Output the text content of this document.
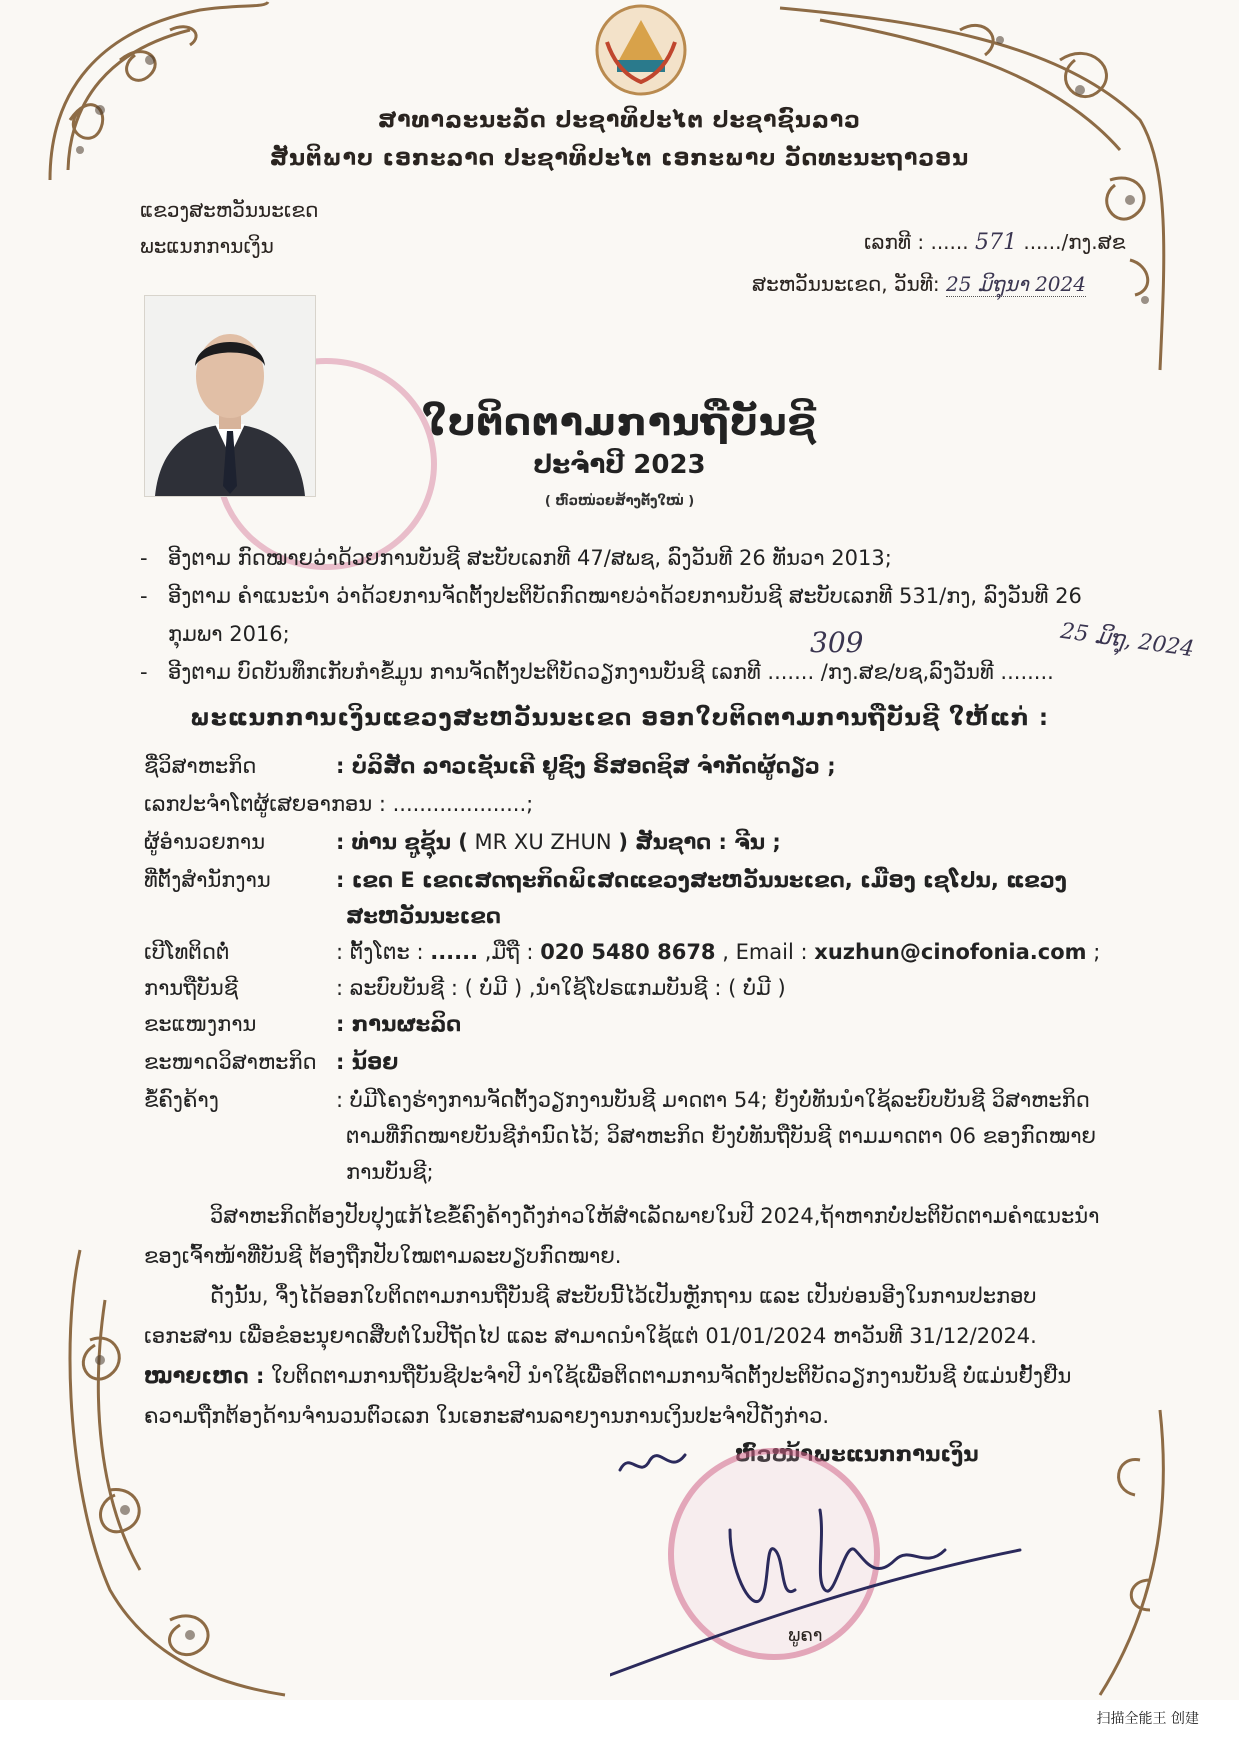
ສາທາລະນະລັດ ປະຊາທິປະໄຕ ປະຊາຊົນລາວ
ສັນຕິພາບ ເອກະລາດ ປະຊາທິປະໄຕ ເອກະພາບ ວັດທະນະຖາວອນ
ແຂວງສະຫວັນນະເຂດ
ພະແນກການເງິນ	ເລກທີ : ...... 571 ....../ກງ.ສຂ
ສະຫວັນນະເຂດ, ວັນທີ: 25 ມິຖຸນາ 2024
ໃບຕິດຕາມການຖືບັນຊີ
ປະຈໍາປີ 2023
( ຫົວໜ່ວຍສ້າງຕັ້ງໃໝ່ )
- ອີງຕາມ ກົດໝາຍວ່າດ້ວຍການບັນຊີ ສະບັບເລກທີ 47/ສພຊ, ລົງວັນທີ 26 ທັນວາ 2013;
- ອີງຕາມ ຄໍາແນະນໍາ ວ່າດ້ວຍການຈັດຕັ້ງປະຕິບັດກົດໝາຍວ່າດ້ວຍການບັນຊີ ສະບັບເລກທີ 531/ກງ, ລົງວັນທີ 26
ກຸມພາ 2016;
- ອີງຕາມ ບົດບັນທຶກເກັບກໍາຂໍ້ມູນ ການຈັດຕັ້ງປະຕິບັດວຽກງານບັນຊີ ເລກທີ ....... /ກງ.ສຂ/ບຊ,ລົງວັນທີ ........
309	25 ມິຖຸ, 2024
ພະແນກການເງິນແຂວງສະຫວັນນະເຂດ ອອກໃບຕິດຕາມການຖືບັນຊີ ໃຫ້ແກ່ :
ຊື່ວິສາຫະກິດ	: ບໍລິສັດ ລາວເຊັນເຄີ ຢູຊົງ ຣິສອດຊິສ ຈໍາກັດຜູ້ດຽວ ;
ເລກປະຈໍາໂຕຜູ້ເສຍອາກອນ : ....................;
ຜູ້ອໍານວຍການ	: ທ່ານ ຊູຊຸ້ນ ( MR XU ZHUN ) ສັນຊາດ : ຈີນ ;
ທີ່ຕັ້ງສໍານັກງານ	: ເຂດ E ເຂດເສດຖະກິດພິເສດແຂວງສະຫວັນນະເຂດ, ເມືອງ ເຊໂປນ, ແຂວງ
ສະຫວັນນະເຂດ
ເບີໂທຕິດຕໍ່	: ຕັ້ງໂຕະ : ...... ,ມືຖື : 020 5480 8678 , Email : xuzhun@cinofonia.com ;
ການຖືບັນຊີ	: ລະບົບບັນຊີ : ( ບໍ່ມີ ) ,ນໍາໃຊ້ໂປຣແກມບັນຊີ : ( ບໍ່ມີ )
ຂະແໜງການ	: ການຜະລິດ
ຂະໜາດວິສາຫະກິດ : ນ້ອຍ
ຂໍ້ຄົງຄ້າງ	: ບໍ່ມີໂຄງຮ່າງການຈັດຕັ້ງວຽກງານບັນຊີ ມາດຕາ 54; ຍັງບໍ່ທັນນໍາໃຊ້ລະບົບບັນຊີ ວິສາຫະກິດ
ຕາມທີ່ກົດໝາຍບັນຊີກໍານົດໄວ້; ວິສາຫະກິດ ຍັງບໍ່ທັນຖືບັນຊີ ຕາມມາດຕາ 06 ຂອງກົດໝາຍ
ການບັນຊີ;
ວິສາຫະກິດຕ້ອງປັບປຸງແກ້ໄຂຂໍ້ຄົງຄ້າງດັ່ງກ່າວໃຫ້ສໍາເລັດພາຍໃນປີ 2024,ຖ້າຫາກບໍ່ປະຕິບັດຕາມຄໍາແນະນໍາ
ຂອງເຈົ້າໜ້າທີ່ບັນຊີ ຕ້ອງຖືກປັບໃໝຕາມລະບຽບກົດໝາຍ.
ດັ່ງນັ້ນ, ຈຶ່ງໄດ້ອອກໃບຕິດຕາມການຖືບັນຊີ ສະບັບນີ້ໄວ້ເປັນຫຼັກຖານ ແລະ ເປັນບ່ອນອີງໃນການປະກອບ
ເອກະສານ ເພື່ອຂໍອະນຸຍາດສືບຕໍ່ໃນປີຖັດໄປ ແລະ ສາມາດນໍາໃຊ້ແຕ່ 01/01/2024 ຫາວັນທີ 31/12/2024.
ໝາຍເຫດ : ໃບຕິດຕາມການຖືບັນຊີປະຈໍາປີ ນໍາໃຊ້ເພື່ອຕິດຕາມການຈັດຕັ້ງປະຕິບັດວຽກງານບັນຊີ ບໍ່ແມ່ນຢັ້ງຢືນ
ຄວາມຖືກຕ້ອງດ້ານຈໍານວນຕົວເລກ ໃນເອກະສານລາຍງານການເງິນປະຈໍາປີດັ່ງກ່າວ.
ຫົວໜ້າພະແນກການເງິນ
ພູຄາ
扫描全能王 创建
